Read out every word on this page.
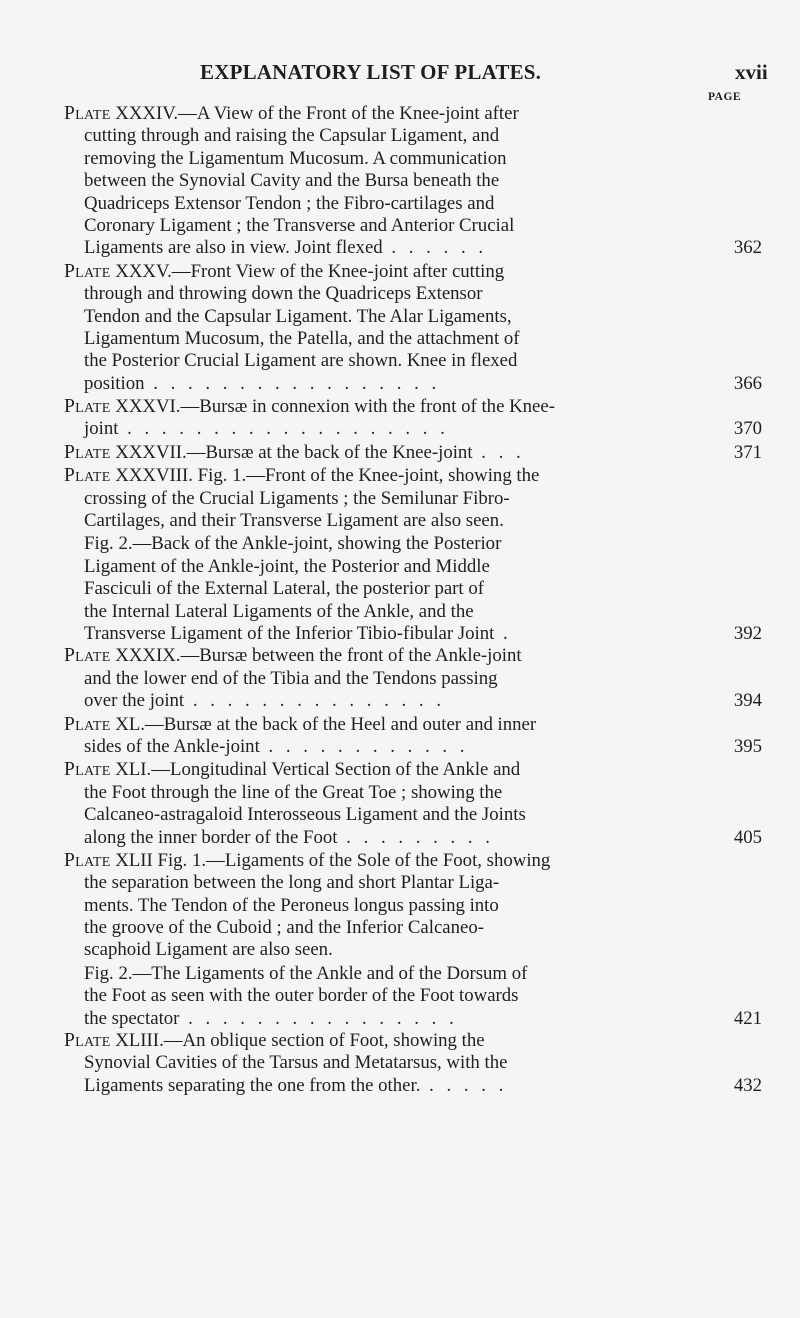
EXPLANATORY LIST OF PLATES.	xvii
PAGE
Plate XXXIV.—A View of the Front of the Knee-joint after
cutting through and raising the Capsular Ligament, and
removing the Ligamentum Mucosum. A communication
between the Synovial Cavity and the Bursa beneath the
Quadriceps Extensor Tendon ; the Fibro-cartilages and
Coronary Ligament ; the Transverse and Anterior Crucial
Ligaments are also in view. Joint flexed . . . . . .	362
Plate XXXV.—Front View of the Knee-joint after cutting
through and throwing down the Quadriceps Extensor
Tendon and the Capsular Ligament. The Alar Ligaments,
Ligamentum Mucosum, the Patella, and the attachment of
the Posterior Crucial Ligament are shown. Knee in flexed
position . . . . . . . . . . . . . . . . .	366
Plate XXXVI.—Bursæ in connexion with the front of the Knee-
joint . . . . . . . . . . . . . . . . . . .	370
Plate XXXVII.—Bursæ at the back of the Knee-joint . . .	371
Plate XXXVIII. Fig. 1.—Front of the Knee-joint, showing the
crossing of the Crucial Ligaments ; the Semilunar Fibro-
Cartilages, and their Transverse Ligament are also seen.
Fig. 2.—Back of the Ankle-joint, showing the Posterior
Ligament of the Ankle-joint, the Posterior and Middle
Fasciculi of the External Lateral, the posterior part of
the Internal Lateral Ligaments of the Ankle, and the
Transverse Ligament of the Inferior Tibio-fibular Joint .	392
Plate XXXIX.—Bursæ between the front of the Ankle-joint
and the lower end of the Tibia and the Tendons passing
over the joint . . . . . . . . . . . . . . .	394
Plate XL.—Bursæ at the back of the Heel and outer and inner
sides of the Ankle-joint . . . . . . . . . . . .	395
Plate XLI.—Longitudinal Vertical Section of the Ankle and
the Foot through the line of the Great Toe ; showing the
Calcaneo-astragaloid Interosseous Ligament and the Joints
along the inner border of the Foot . . . . . . . . .	405
Plate XLII Fig. 1.—Ligaments of the Sole of the Foot, showing
the separation between the long and short Plantar Liga-
ments. The Tendon of the Peroneus longus passing into
the groove of the Cuboid ; and the Inferior Calcaneo-
scaphoid Ligament are also seen.
Fig. 2.—The Ligaments of the Ankle and of the Dorsum of
the Foot as seen with the outer border of the Foot towards
the spectator . . . . . . . . . . . . . . . .	421
Plate XLIII.—An oblique section of Foot, showing the
Synovial Cavities of the Tarsus and Metatarsus, with the
Ligaments separating the one from the other. . . . . .	432
